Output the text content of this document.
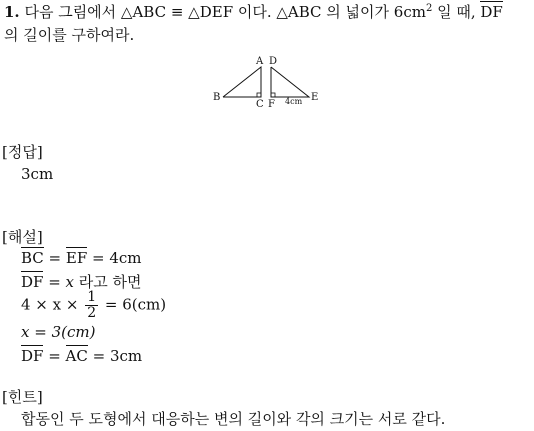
1. 다음 그림에서 △ABC ≡ △DEF 이다. △ABC 의 넓이가 $6cm^2$ 일 때, DF
의 길이를 구하여라.
A
B
C
D
E
F 4cm
[정답]
3cm
[해설]
BC = EF = 4cm
DF = x 라고 하면
$4 \times x \times \frac{1}{2} = 6(cm)$
x = 3(cm)
DF = AC = 3cm
[힌트]
합동인 두 도형에서 대응하는 변의 길이와 각의 크기는 서로 같다.
